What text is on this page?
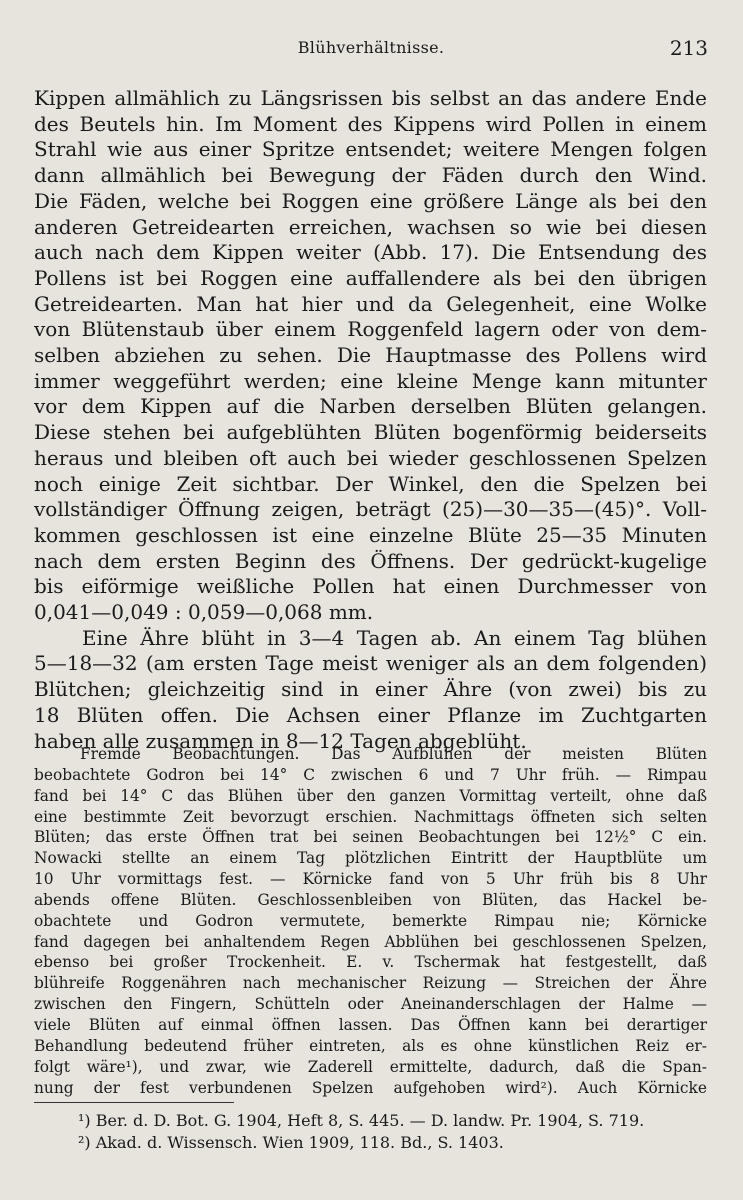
Blühverhältnisse.	213
Kippen allmählich zu Längsrissen bis selbst an das andere Ende
des Beutels hin. Im Moment des Kippens wird Pollen in einem
Strahl wie aus einer Spritze entsendet; weitere Mengen folgen
dann allmählich bei Bewegung der Fäden durch den Wind.
Die Fäden, welche bei Roggen eine größere Länge als bei den
anderen Getreidearten erreichen, wachsen so wie bei diesen
auch nach dem Kippen weiter (Abb. 17). Die Entsendung des
Pollens ist bei Roggen eine auffallendere als bei den übrigen
Getreidearten. Man hat hier und da Gelegenheit, eine Wolke
von Blütenstaub über einem Roggenfeld lagern oder von dem-
selben abziehen zu sehen. Die Hauptmasse des Pollens wird
immer weggeführt werden; eine kleine Menge kann mitunter
vor dem Kippen auf die Narben derselben Blüten gelangen.
Diese stehen bei aufgeblühten Blüten bogenförmig beiderseits
heraus und bleiben oft auch bei wieder geschlossenen Spelzen
noch einige Zeit sichtbar. Der Winkel, den die Spelzen bei
vollständiger Öffnung zeigen, beträgt (25)—30—35—(45)°. Voll-
kommen geschlossen ist eine einzelne Blüte 25—35 Minuten
nach dem ersten Beginn des Öffnens. Der gedrückt-kugelige
bis eiförmige weißliche Pollen hat einen Durchmesser von
0,041—0,049 : 0,059—0,068 mm.
Eine Ähre blüht in 3—4 Tagen ab. An einem Tag blühen
5—18—32 (am ersten Tage meist weniger als an dem folgenden)
Blütchen; gleichzeitig sind in einer Ähre (von zwei) bis zu
18 Blüten offen. Die Achsen einer Pflanze im Zuchtgarten
haben alle zusammen in 8—12 Tagen abgeblüht.
Fremde Beobachtungen. Das Aufblühen der meisten Blüten
beobachtete Godron bei 14° C zwischen 6 und 7 Uhr früh. — Rimpau
fand bei 14° C das Blühen über den ganzen Vormittag verteilt, ohne daß
eine bestimmte Zeit bevorzugt erschien. Nachmittags öffneten sich selten
Blüten; das erste Öffnen trat bei seinen Beobachtungen bei 12½° C ein.
Nowacki stellte an einem Tag plötzlichen Eintritt der Hauptblüte um
10 Uhr vormittags fest. — Körnicke fand von 5 Uhr früh bis 8 Uhr
abends offene Blüten. Geschlossenbleiben von Blüten, das Hackel be-
obachtete und Godron vermutete, bemerkte Rimpau nie; Körnicke
fand dagegen bei anhaltendem Regen Abblühen bei geschlossenen Spelzen,
ebenso bei großer Trockenheit. E. v. Tschermak hat festgestellt, daß
blühreife Roggenähren nach mechanischer Reizung — Streichen der Ähre
zwischen den Fingern, Schütteln oder Aneinanderschlagen der Halme —
viele Blüten auf einmal öffnen lassen. Das Öffnen kann bei derartiger
Behandlung bedeutend früher eintreten, als es ohne künstlichen Reiz er-
folgt wäre¹), und zwar, wie Zaderell ermittelte, dadurch, daß die Span-
nung der fest verbundenen Spelzen aufgehoben wird²). Auch Körnicke
¹) Ber. d. D. Bot. G. 1904, Heft 8, S. 445. — D. landw. Pr. 1904, S. 719.
²) Akad. d. Wissensch. Wien 1909, 118. Bd., S. 1403.
